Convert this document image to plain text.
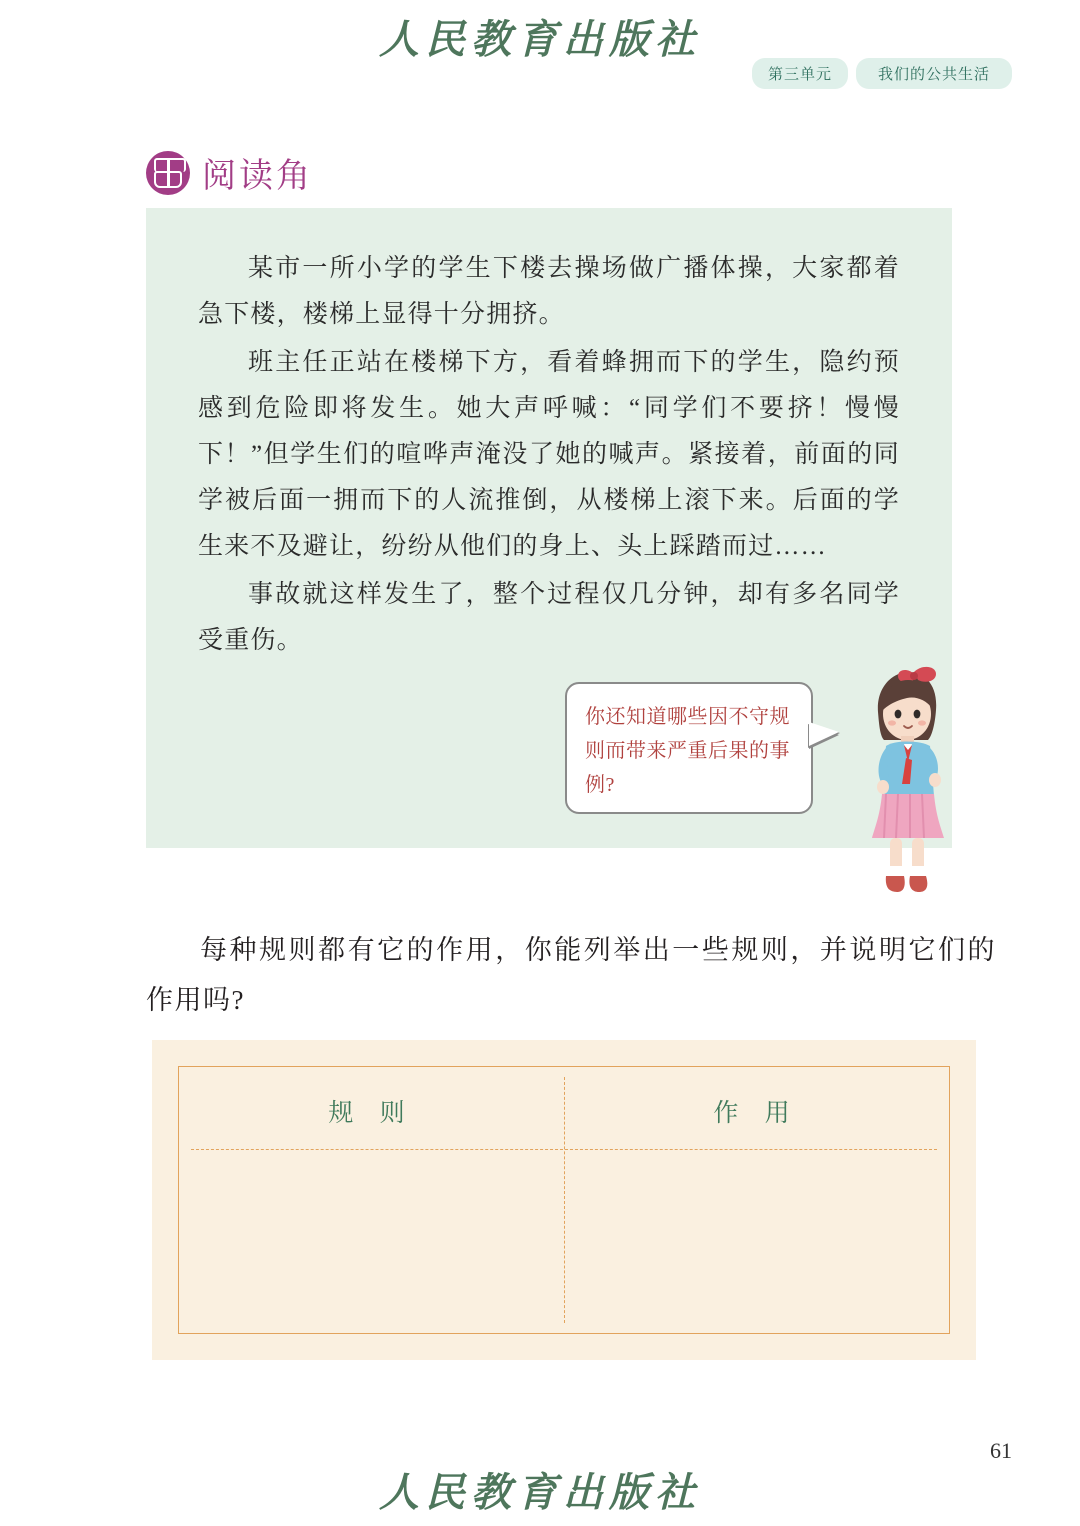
人民教育出版社
第三单元	我们的公共生活
阅读角

某市一所小学的学生下楼去操场做广播体操，大家都着急下楼，楼梯上显得十分拥挤。

班主任正站在楼梯下方，看着蜂拥而下的学生，隐约预感到危险即将发生。她大声呼喊：“同学们不要挤！慢慢下！”但学生们的喧哗声淹没了她的喊声。紧接着，前面的同学被后面一拥而下的人流推倒，从楼梯上滚下来。后面的学生来不及避让，纷纷从他们的身上、头上踩踏而过……

事故就这样发生了，整个过程仅几分钟，却有多名同学受重伤。

你还知道哪些因不守规则而带来严重后果的事例?

每种规则都有它的作用，你能列举出一些规则，并说明它们的作用吗?

规 则	作 用
61
人民教育出版社
